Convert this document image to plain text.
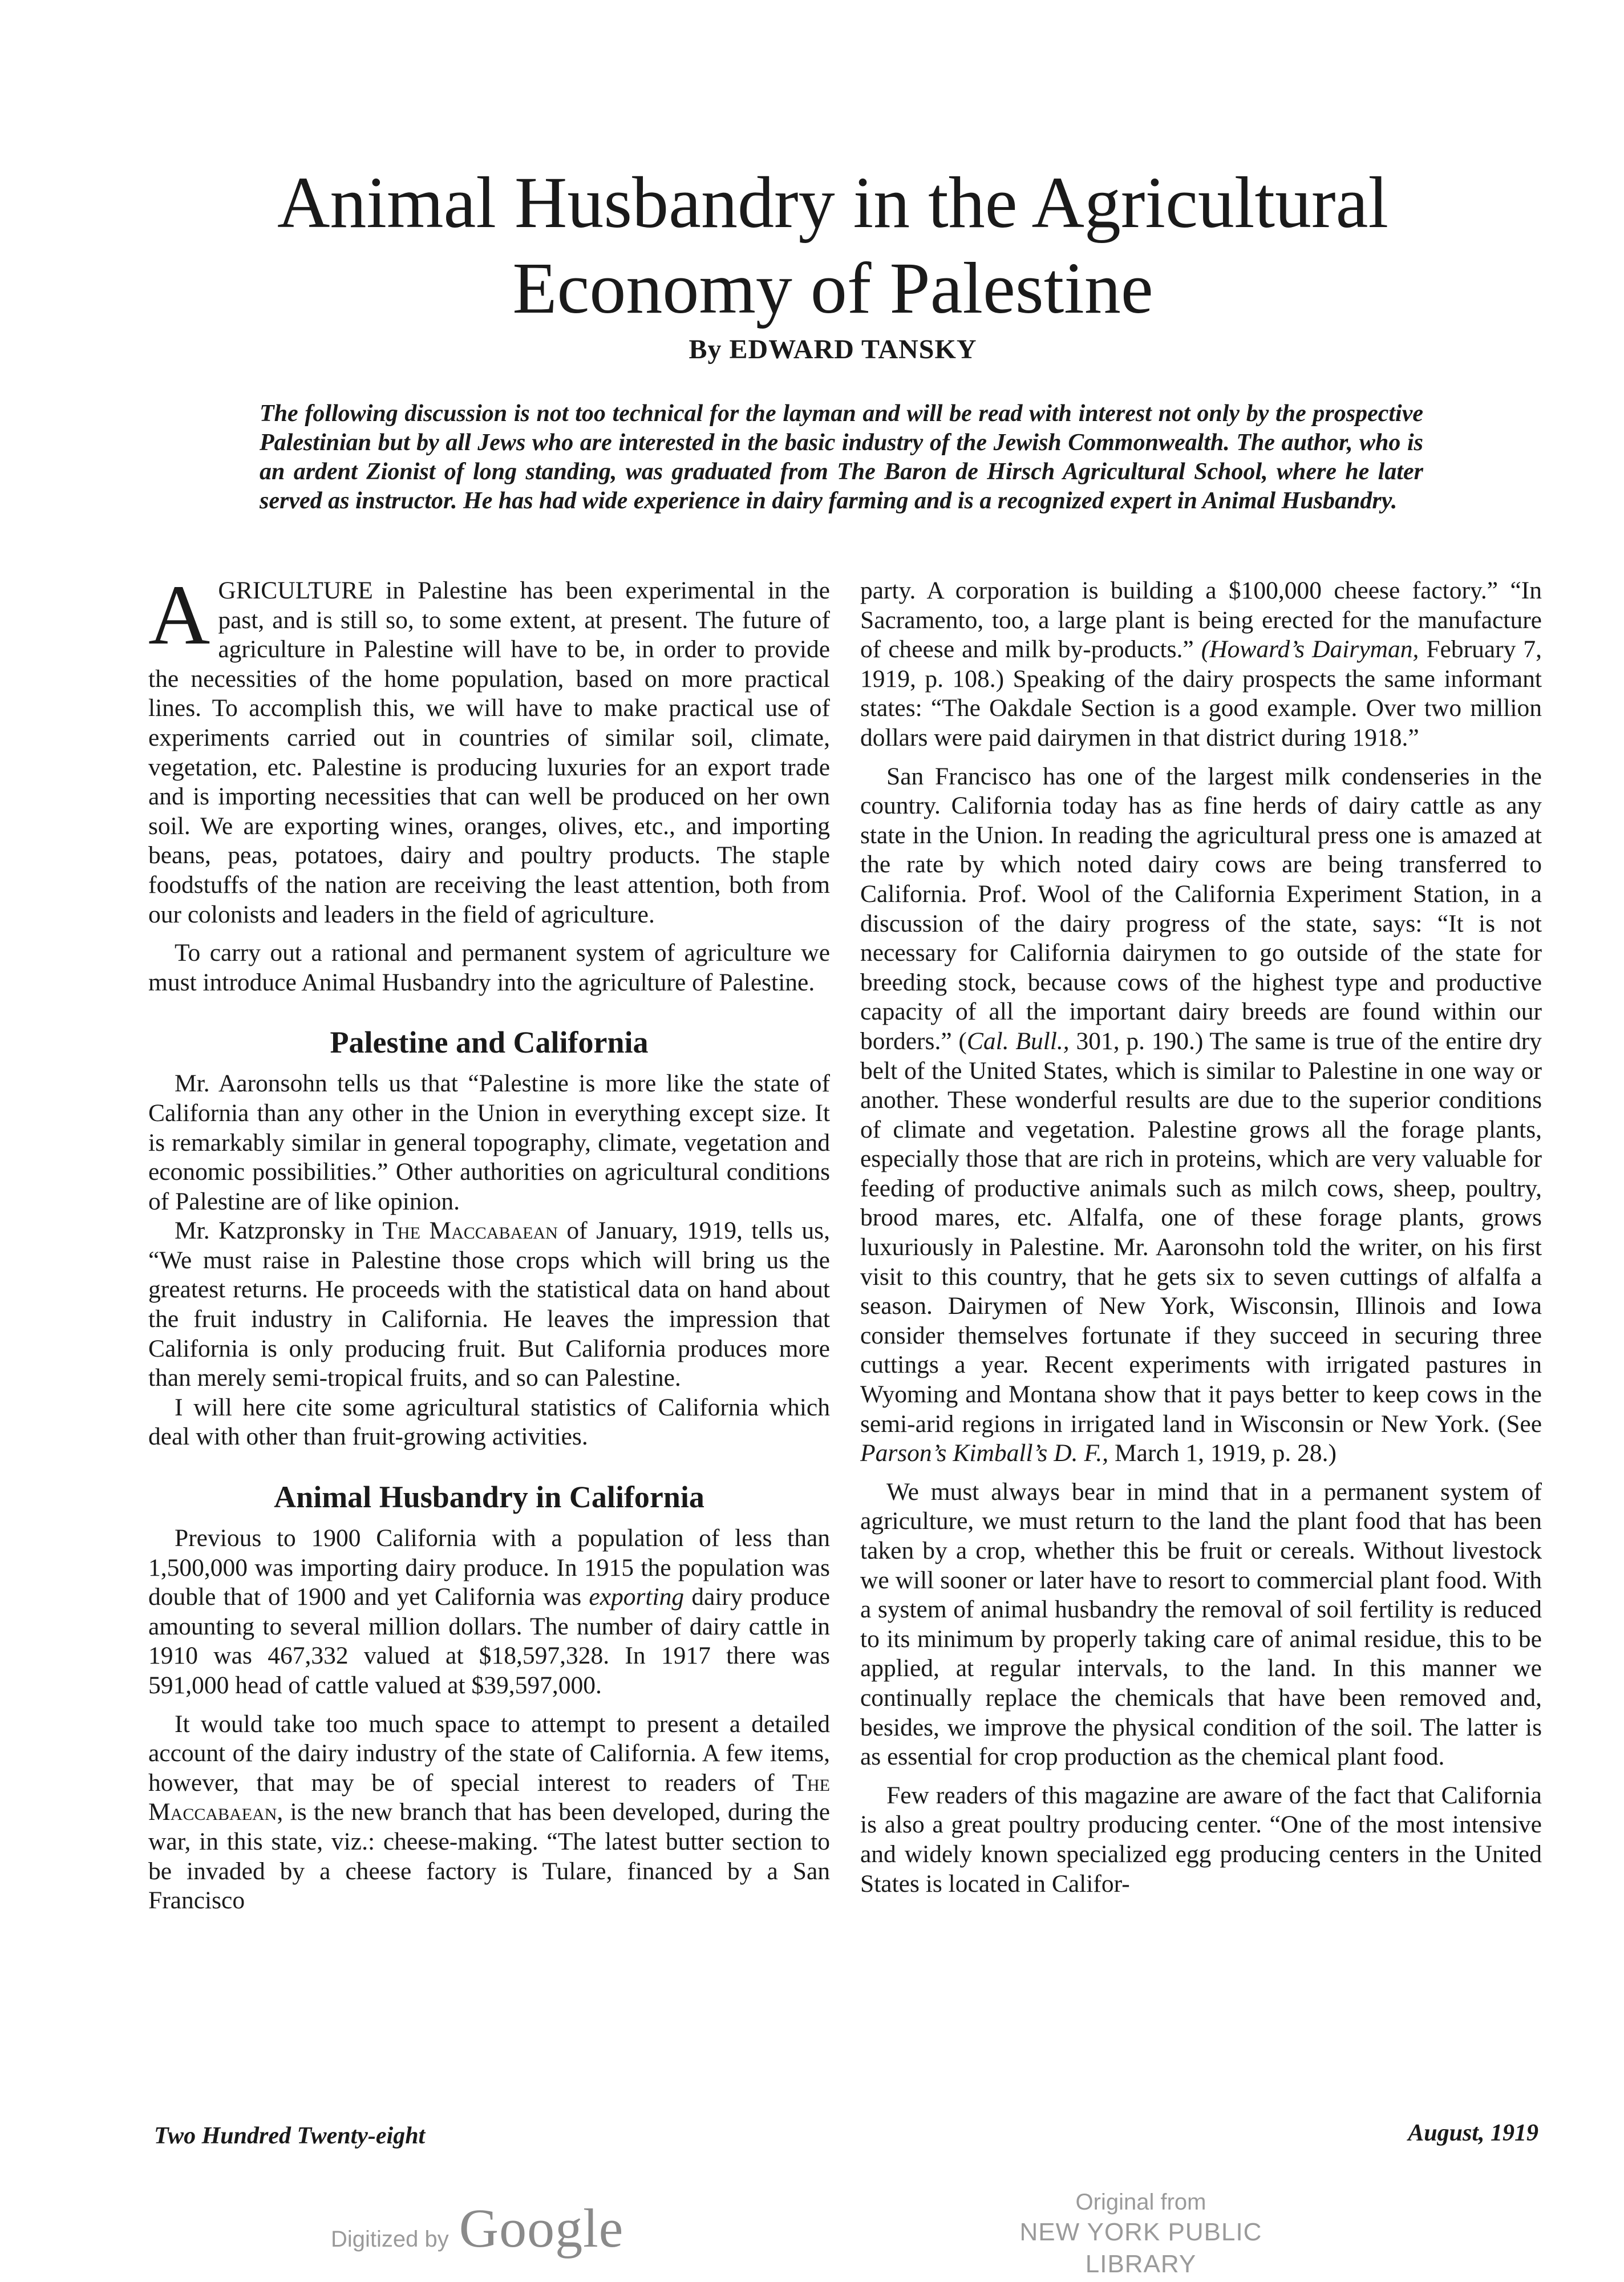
Animal Husbandry in the Agricultural Economy of Palestine

By EDWARD TANSKY

The following discussion is not too technical for the layman and will be read with interest not only by the prospective Palestinian but by all Jews who are interested in the basic industry of the Jewish Commonwealth. The author, who is an ardent Zionist of long standing, was graduated from The Baron de Hirsch Agricultural School, where he later served as instructor. He has had wide experience in dairy farming and is a recognized expert in Animal Husbandry.

A GRICULTURE in Palestine has been experimental in the past, and is still so, to some extent, at present. The future of agriculture in Palestine will have to be, in order to provide the necessities of the home population, based on more practical lines. To accomplish this, we will have to make practical use of experiments carried out in countries of similar soil, climate, vegetation, etc. Palestine is producing luxuries for an export trade and is importing necessities that can well be produced on her own soil. We are exporting wines, oranges, olives, etc., and importing beans, peas, potatoes, dairy and poultry products. The staple foodstuffs of the nation are receiving the least attention, both from our colonists and leaders in the field of agriculture.

To carry out a rational and permanent system of agriculture we must introduce Animal Husbandry into the agriculture of Palestine.

Palestine and California

Mr. Aaronsohn tells us that “Palestine is more like the state of California than any other in the Union in everything except size. It is remarkably similar in general topography, climate, vegetation and economic possibilities.” Other authorities on agricultural conditions of Palestine are of like opinion.

Mr. Katzpronsky in The Maccabaean of January, 1919, tells us, “We must raise in Palestine those crops which will bring us the greatest returns. He proceeds with the statistical data on hand about the fruit industry in California. He leaves the impression that California is only producing fruit. But California produces more than merely semi-tropical fruits, and so can Palestine.

I will here cite some agricultural statistics of California which deal with other than fruit-growing activities.

Animal Husbandry in California

Previous to 1900 California with a population of less than 1,500,000 was importing dairy produce. In 1915 the population was double that of 1900 and yet California was exporting dairy produce amounting to several million dollars. The number of dairy cattle in 1910 was 467,332 valued at $18,597,328. In 1917 there was 591,000 head of cattle valued at $39,597,000.

It would take too much space to attempt to present a detailed account of the dairy industry of the state of California. A few items, however, that may be of special interest to readers of The Maccabaean, is the new branch that has been developed, during the war, in this state, viz.: cheese-making. “The latest butter section to be invaded by a cheese factory is Tulare, financed by a San Francisco

party. A corporation is building a $100,000 cheese factory.” “In Sacramento, too, a large plant is being erected for the manufacture of cheese and milk by-products.” (Howard’s Dairyman, February 7, 1919, p. 108.) Speaking of the dairy prospects the same informant states: “The Oakdale Section is a good example. Over two million dollars were paid dairymen in that district during 1918.”

San Francisco has one of the largest milk condenseries in the country. California today has as fine herds of dairy cattle as any state in the Union. In reading the agricultural press one is amazed at the rate by which noted dairy cows are being transferred to California. Prof. Wool of the California Experiment Station, in a discussion of the dairy progress of the state, says: “It is not necessary for California dairymen to go outside of the state for breeding stock, because cows of the highest type and productive capacity of all the important dairy breeds are found within our borders.” (Cal. Bull., 301, p. 190.) The same is true of the entire dry belt of the United States, which is similar to Palestine in one way or another. These wonderful results are due to the superior conditions of climate and vegetation. Palestine grows all the forage plants, especially those that are rich in proteins, which are very valuable for feeding of productive animals such as milch cows, sheep, poultry, brood mares, etc. Alfalfa, one of these forage plants, grows luxuriously in Palestine. Mr. Aaronsohn told the writer, on his first visit to this country, that he gets six to seven cuttings of alfalfa a season. Dairymen of New York, Wisconsin, Illinois and Iowa consider themselves fortunate if they succeed in securing three cuttings a year. Recent experiments with irrigated pastures in Wyoming and Montana show that it pays better to keep cows in the semi-arid regions in irrigated land in Wisconsin or New York. (See Parson’s Kimball’s D. F., March 1, 1919, p. 28.)

We must always bear in mind that in a permanent system of agriculture, we must return to the land the plant food that has been taken by a crop, whether this be fruit or cereals. Without livestock we will sooner or later have to resort to commercial plant food. With a system of animal husbandry the removal of soil fertility is reduced to its minimum by properly taking care of animal residue, this to be applied, at regular intervals, to the land. In this manner we continually replace the chemicals that have been removed and, besides, we improve the physical condition of the soil. The latter is as essential for crop production as the chemical plant food.

Few readers of this magazine are aware of the fact that California is also a great poultry producing center. “One of the most intensive and widely known specialized egg producing centers in the United States is located in Califor-

Two Hundred Twenty-eight	August, 1919

Digitized by Google	Original from
NEW YORK PUBLIC LIBRARY
